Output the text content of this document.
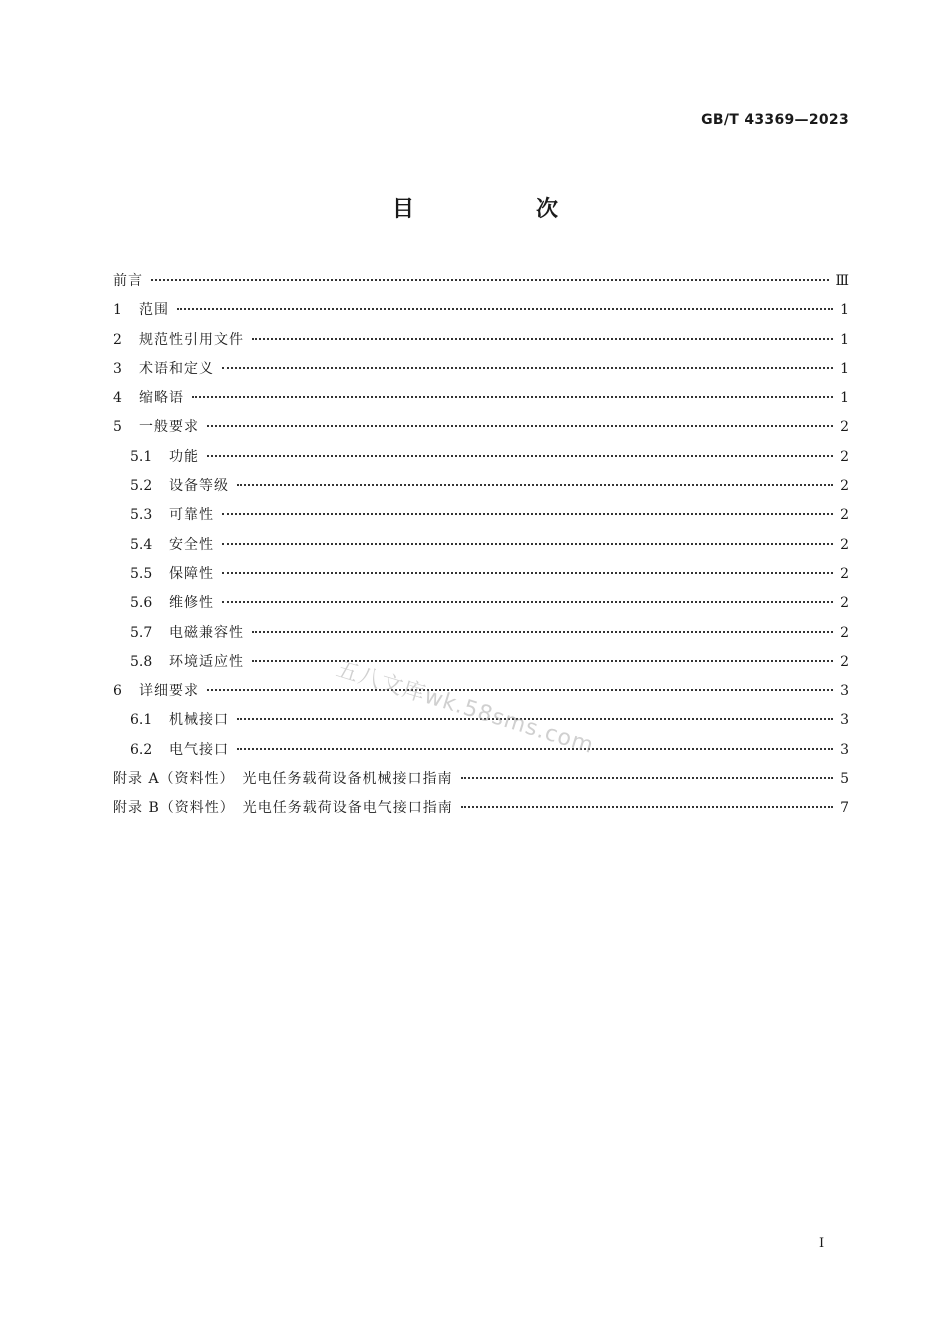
GB/T 43369—2023
目　次
前言	Ⅲ
1	范围	1
2	规范性引用文件	1
3	术语和定义	1
4	缩略语	1
5	一般要求	2
5.1	功能	2
5.2	设备等级	2
5.3	可靠性	2
5.4	安全性	2
5.5	保障性	2
5.6	维修性	2
5.7	电磁兼容性	2
5.8	环境适应性	2
6	详细要求	3
6.1	机械接口	3
6.2	电气接口	3
附录 A（资料性）　光电任务载荷设备机械接口指南	5
附录 B（资料性）　光电任务载荷设备电气接口指南	7
五八文库wk.58sms.com
I
